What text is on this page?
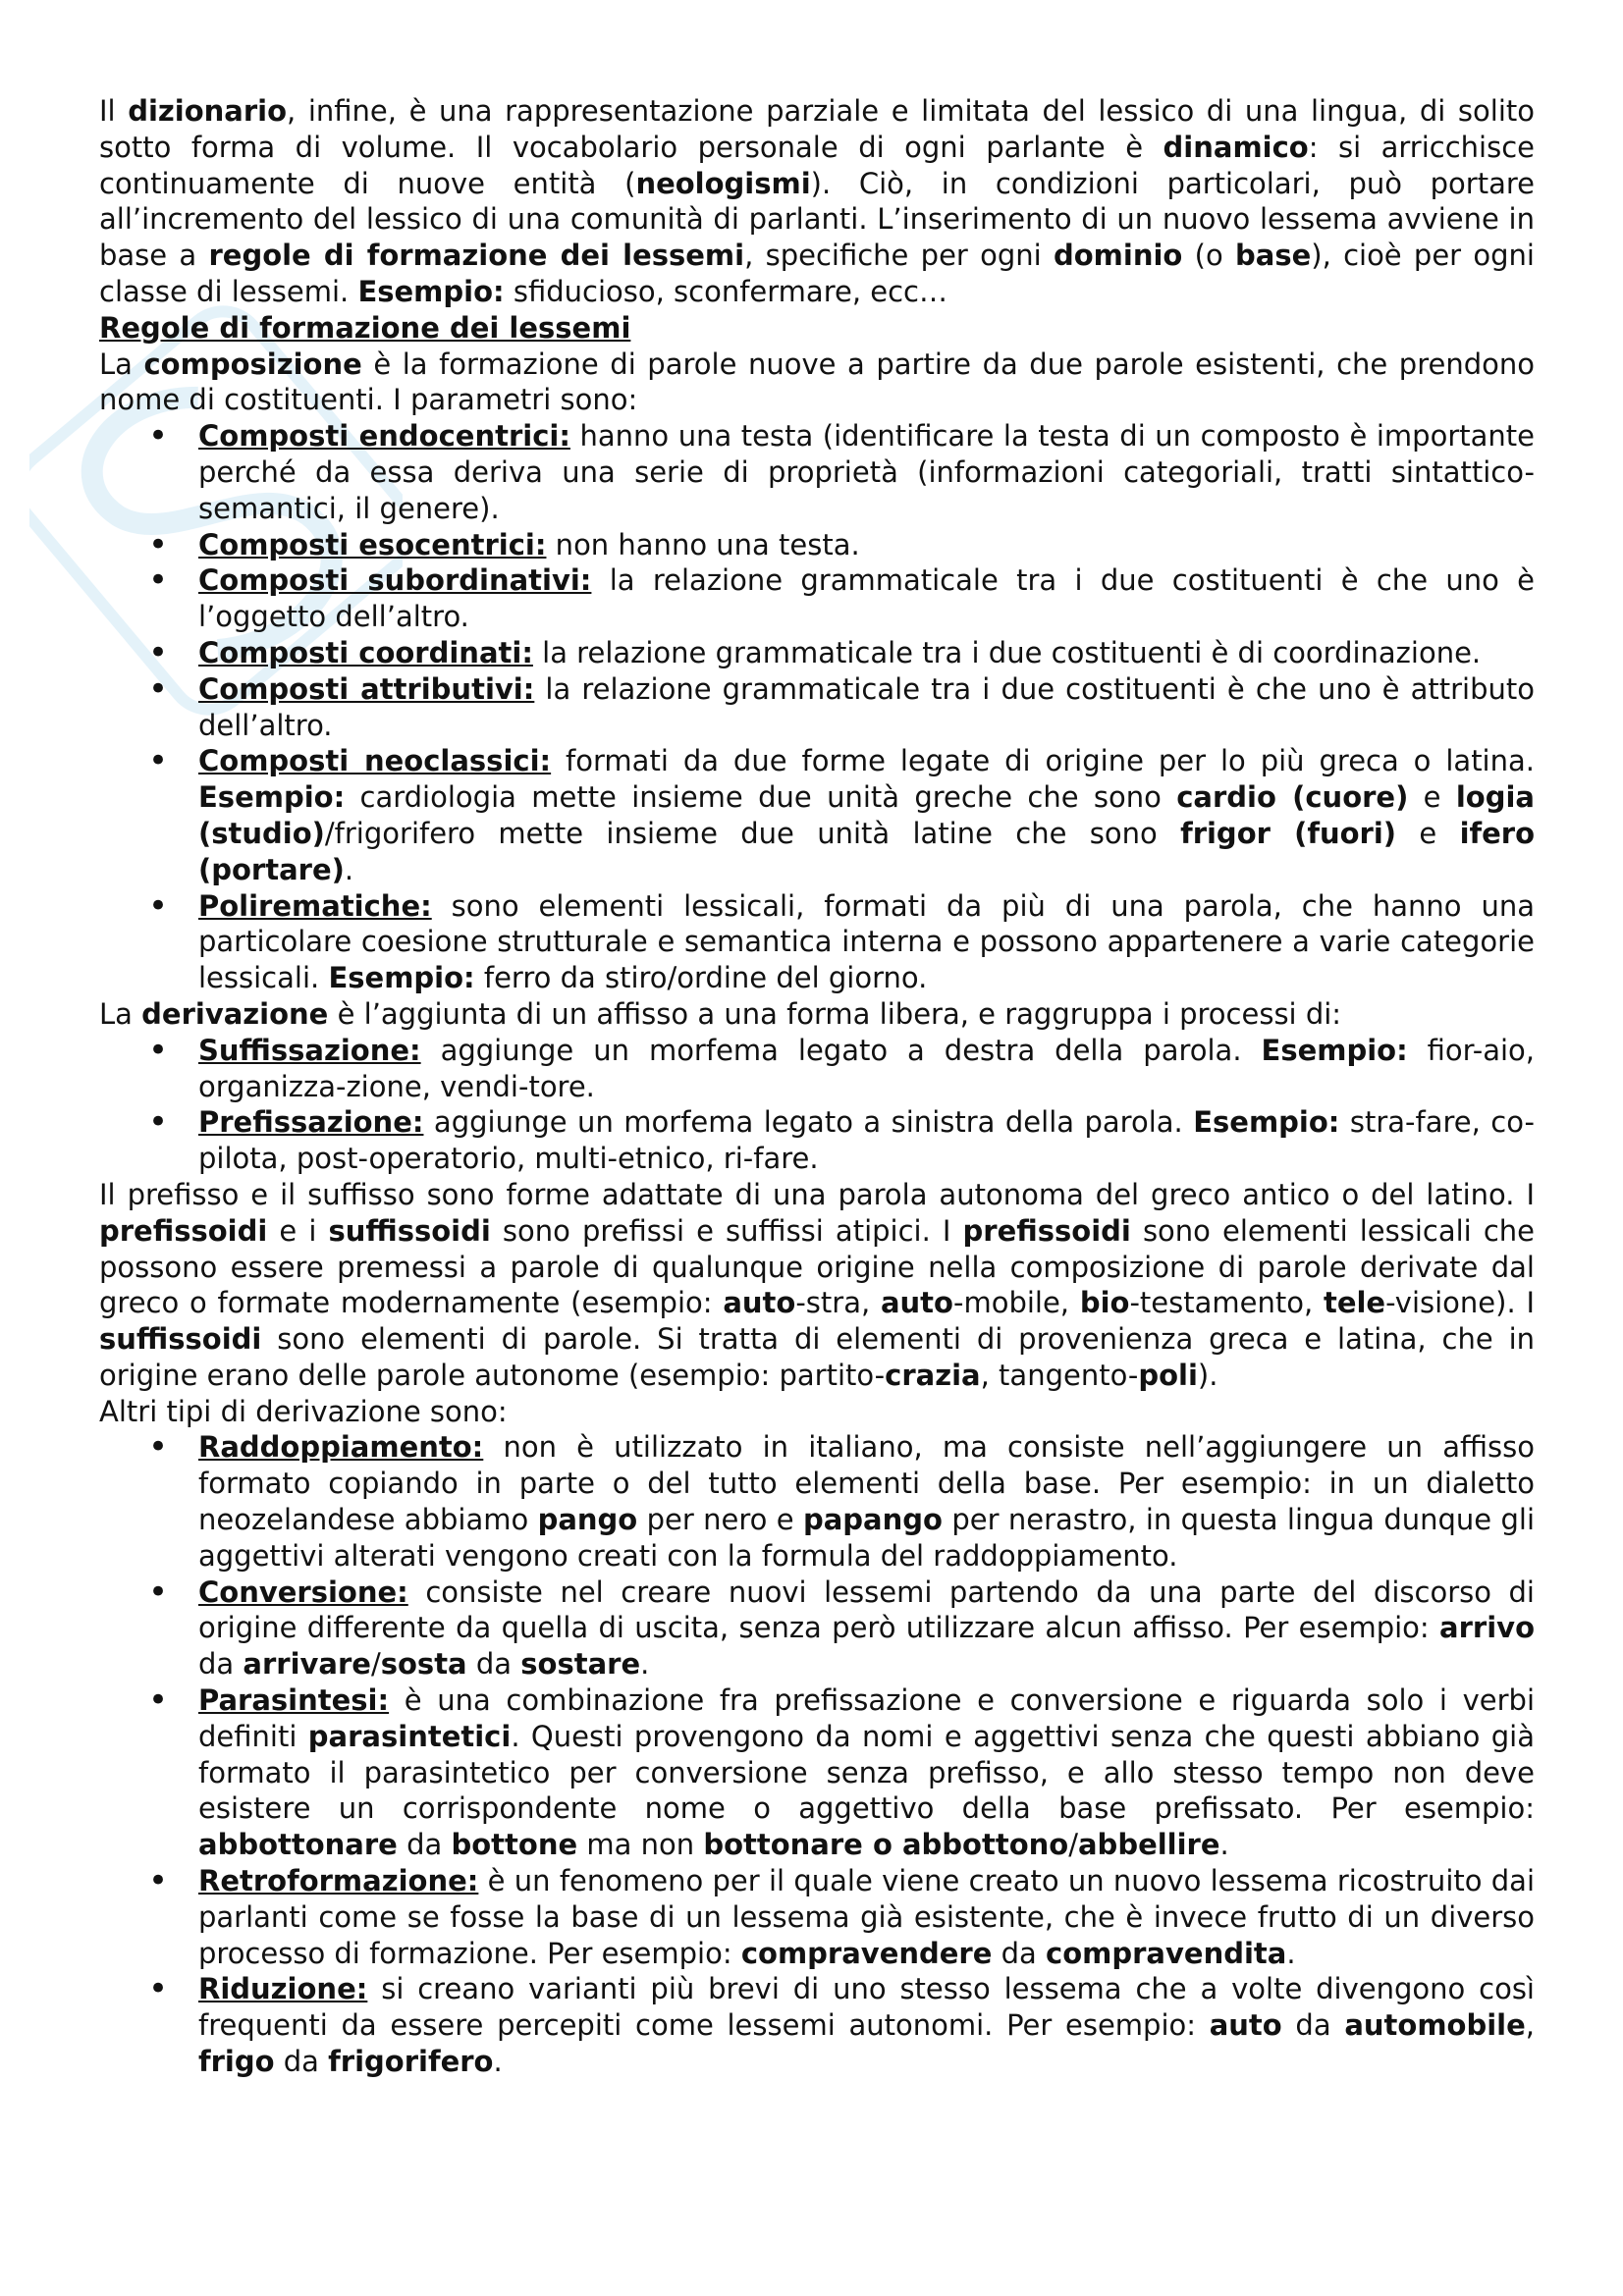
Il dizionario, infine, è una rappresentazione parziale e limitata del lessico di una lingua, di solito sotto forma di volume. Il vocabolario personale di ogni parlante è dinamico: si arricchisce continuamente di nuove entità (neologismi). Ciò, in condizioni particolari, può portare all’incremento del lessico di una comunità di parlanti. L’inserimento di un nuovo lessema avviene in base a regole di formazione dei lessemi, specifiche per ogni dominio (o base), cioè per ogni classe di lessemi. Esempio: sfiducioso, sconfermare, ecc…

Regole di formazione dei lessemi

La composizione è la formazione di parole nuove a partire da due parole esistenti, che prendono nome di costituenti. I parametri sono:

• Composti endocentrici: hanno una testa (identificare la testa di un composto è importante perché da essa deriva una serie di proprietà (informazioni categoriali, tratti sintattico-semantici, il genere).
• Composti esocentrici: non hanno una testa.
• Composti subordinativi: la relazione grammaticale tra i due costituenti è che uno è l’oggetto dell’altro.
• Composti coordinati: la relazione grammaticale tra i due costituenti è di coordinazione.
• Composti attributivi: la relazione grammaticale tra i due costituenti è che uno è attributo dell’altro.
• Composti neoclassici: formati da due forme legate di origine per lo più greca o latina. Esempio: cardiologia mette insieme due unità greche che sono cardio (cuore) e logia (studio)/frigorifero mette insieme due unità latine che sono frigor (fuori) e ifero (portare).
• Polirematiche: sono elementi lessicali, formati da più di una parola, che hanno una particolare coesione strutturale e semantica interna e possono appartenere a varie categorie lessicali. Esempio: ferro da stiro/ordine del giorno.

La derivazione è l’aggiunta di un affisso a una forma libera, e raggruppa i processi di:

• Suffissazione: aggiunge un morfema legato a destra della parola. Esempio: fior-aio, organizza-zione, vendi-tore.
• Prefissazione: aggiunge un morfema legato a sinistra della parola. Esempio: stra-fare, co-pilota, post-operatorio, multi-etnico, ri-fare.

Il prefisso e il suffisso sono forme adattate di una parola autonoma del greco antico o del latino. I prefissoidi e i suffissoidi sono prefissi e suffissi atipici. I prefissoidi sono elementi lessicali che possono essere premessi a parole di qualunque origine nella composizione di parole derivate dal greco o formate modernamente (esempio: auto-stra, auto-mobile, bio-testamento, tele-visione). I suffissoidi sono elementi di parole. Si tratta di elementi di provenienza greca e latina, che in origine erano delle parole autonome (esempio: partito-crazia, tangento-poli).

Altri tipi di derivazione sono:

• Raddoppiamento: non è utilizzato in italiano, ma consiste nell’aggiungere un affisso formato copiando in parte o del tutto elementi della base. Per esempio: in un dialetto neozelandese abbiamo pango per nero e papango per nerastro, in questa lingua dunque gli aggettivi alterati vengono creati con la formula del raddoppiamento.
• Conversione: consiste nel creare nuovi lessemi partendo da una parte del discorso di origine differente da quella di uscita, senza però utilizzare alcun affisso. Per esempio: arrivo da arrivare/sosta da sostare.
• Parasintesi: è una combinazione fra prefissazione e conversione e riguarda solo i verbi definiti parasintetici. Questi provengono da nomi e aggettivi senza che questi abbiano già formato il parasintetico per conversione senza prefisso, e allo stesso tempo non deve esistere un corrispondente nome o aggettivo della base prefissato. Per esempio: abbottonare da bottone ma non bottonare o abbottono/abbellire.
• Retroformazione: è un fenomeno per il quale viene creato un nuovo lessema ricostruito dai parlanti come se fosse la base di un lessema già esistente, che è invece frutto di un diverso processo di formazione. Per esempio: compravendere da compravendita.
• Riduzione: si creano varianti più brevi di uno stesso lessema che a volte divengono così frequenti da essere percepiti come lessemi autonomi. Per esempio: auto da automobile, frigo da frigorifero.
